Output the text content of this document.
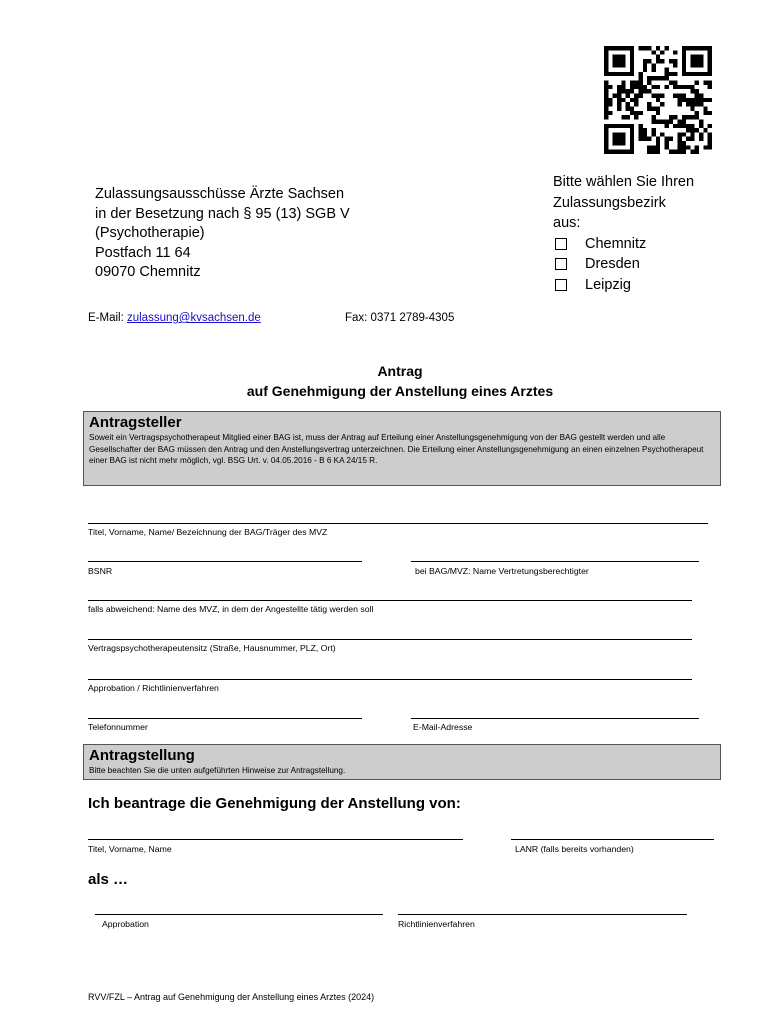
Zulassungsausschüsse Ärzte Sachsen
in der Besetzung nach § 95 (13) SGB V
(Psychotherapie)
Postfach 11 64
09070 Chemnitz
Bitte wählen Sie Ihren
Zulassungsbezirk
aus:
Chemnitz
Dresden
Leipzig
E-Mail: zulassung@kvsachsen.de	Fax: 0371 2789-4305
Antrag
auf Genehmigung der Anstellung eines Arztes
Antragsteller

Soweit ein Vertragspsychotherapeut Mitglied einer BAG ist, muss der Antrag auf Erteilung einer Anstellungsgenehmigung von der BAG gestellt werden und alle Gesellschafter der BAG müssen den Antrag und den Anstellungsvertrag unterzeichnen. Die Erteilung einer Anstellungsgenehmigung an einen einzelnen Psychotherapeut einer BAG ist nicht mehr möglich, vgl. BSG Urt. v. 04.05.2016 - B 6 KA 24/15 R.

Titel, Vorname, Name/ Bezeichnung der BAG/Träger des MVZ
BSNR	bei BAG/MVZ: Name Vertretungsberechtigter
falls abweichend: Name des MVZ, in dem der Angestellte tätig werden soll
Vertragspsychotherapeutensitz (Straße, Hausnummer, PLZ, Ort)
Approbation / Richtlinienverfahren
Telefonnummer	E-Mail-Adresse
Antragstellung

Bitte beachten Sie die unten aufgeführten Hinweise zur Antragstellung.

Ich beantrage die Genehmigung der Anstellung von:
Titel, Vorname, Name	LANR (falls bereits vorhanden)
als …
Approbation	Richtlinienverfahren
RVV/FZL – Antrag auf Genehmigung der Anstellung eines Arztes (2024)
